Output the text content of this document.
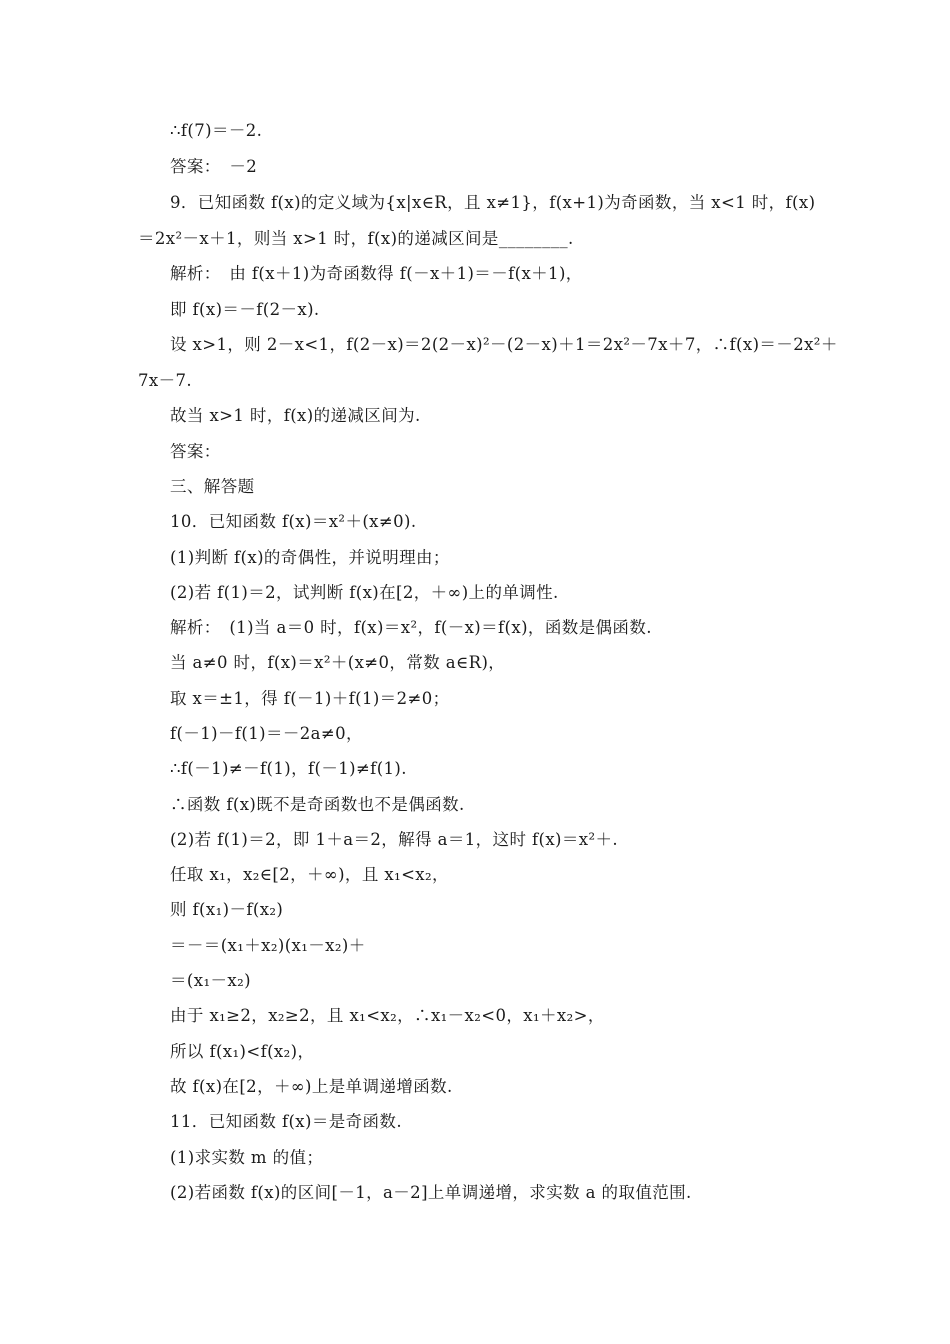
∴f(7)＝－2.
答案：　－2
9．已知函数 f(x)的定义域为{x|x∈R，且 x≠1}，f(x+1)为奇函数，当 x<1 时，f(x)
＝2x²－x＋1，则当 x>1 时，f(x)的递减区间是________.
解析：　由 f(x＋1)为奇函数得 f(－x＋1)＝－f(x＋1)，
即 f(x)＝－f(2－x).
设 x>1，则 2－x<1，f(2－x)＝2(2－x)²－(2－x)＋1＝2x²－7x＋7，∴f(x)＝－2x²＋
7x－7.
故当 x>1 时，f(x)的递减区间为.
答案：
三、解答题
10．已知函数 f(x)＝x²＋(x≠0).
(1)判断 f(x)的奇偶性，并说明理由；
(2)若 f(1)＝2，试判断 f(x)在[2，＋∞)上的单调性.
解析：　(1)当 a＝0 时，f(x)＝x²，f(－x)＝f(x)，函数是偶函数.
当 a≠0 时，f(x)＝x²＋(x≠0，常数 a∈R)，
取 x＝±1，得 f(－1)＋f(1)＝2≠0；
f(－1)－f(1)＝－2a≠0，
∴f(－1)≠－f(1)，f(－1)≠f(1).
∴函数 f(x)既不是奇函数也不是偶函数.
(2)若 f(1)＝2，即 1＋a＝2，解得 a＝1，这时 f(x)＝x²＋.
任取 x₁，x₂∈[2，＋∞)，且 x₁<x₂，
则 f(x₁)－f(x₂)
＝－＝(x₁＋x₂)(x₁－x₂)＋
＝(x₁－x₂)
由于 x₁≥2，x₂≥2，且 x₁<x₂，∴x₁－x₂<0，x₁＋x₂>，
所以 f(x₁)<f(x₂)，
故 f(x)在[2，＋∞)上是单调递增函数.
11．已知函数 f(x)＝是奇函数.
(1)求实数 m 的值；
(2)若函数 f(x)的区间[－1，a－2]上单调递增，求实数 a 的取值范围.
